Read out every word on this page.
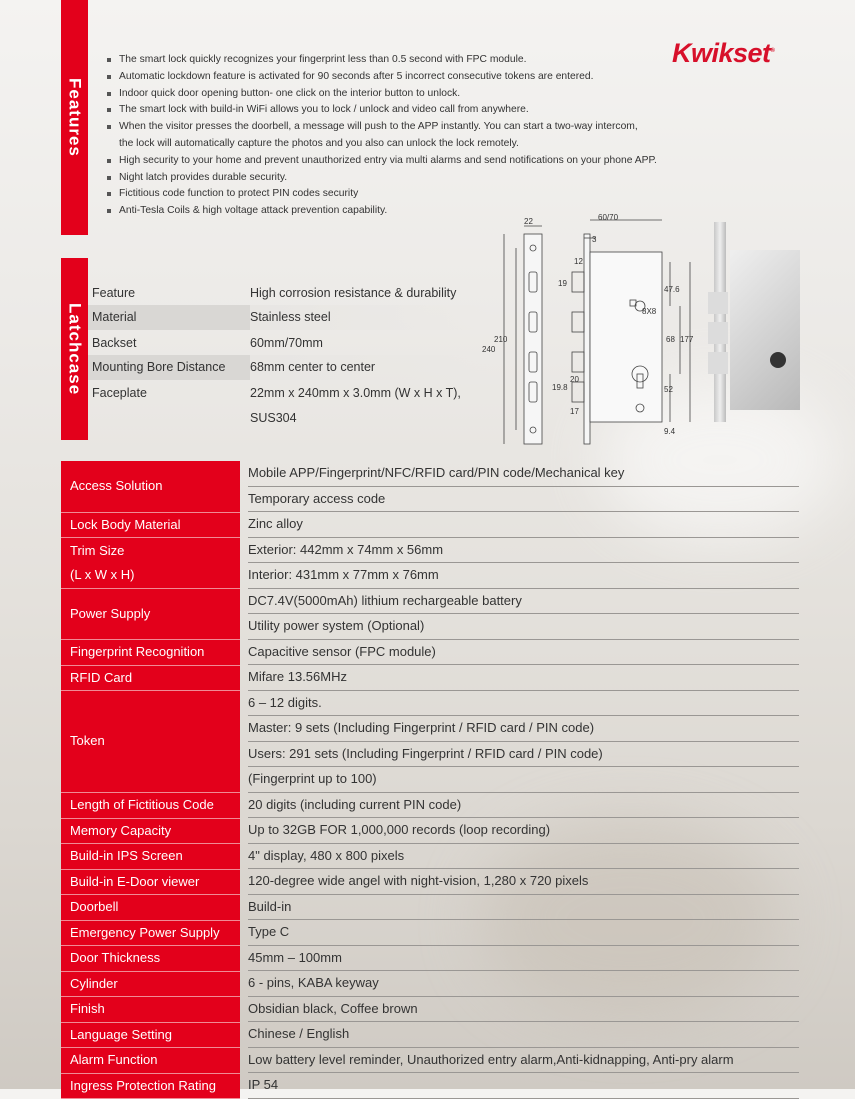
Features
Kwikset®
The smart lock quickly recognizes your fingerprint less than 0.5 second with FPC module.
Automatic lockdown feature is activated for 90 seconds after 5 incorrect consecutive tokens are entered.
Indoor quick door opening button- one click on the interior button to unlock.
The smart lock with build-in WiFi allows you to lock / unlock and video call from anywhere.
When the visitor presses the doorbell, a message will push to the APP instantly. You can start a two-way intercom,
the lock will automatically capture the photos and you also can unlock the lock remotely.
High security to your home and prevent unauthorized entry via multi alarms and send notifications on your phone APP.
Night latch provides durable security.
Fictitious code function to protect PIN codes security
Anti-Tesla Coils & high voltage attack prevention capability.
Latchcase
Feature	High corrosion resistance & durability
Material	Stainless steel
Backset	60mm/70mm
Mounting Bore Distance	68mm center to center
Faceplate	22mm x 240mm x 3.0mm (W x H x T),
SUS304
22	60/70
3
12
19
8X8
47.6
68 177
240
210
19.8
20
52
17
9.4
Access Solution	Mobile APP/Fingerprint/NFC/RFID card/PIN code/Mechanical key
Temporary access code

Lock Body Material	Zinc alloy

Trim Size
(L x W x H)	Exterior: 442mm x 74mm x 56mm
Interior: 431mm x 77mm x 76mm

Power Supply	DC7.4V(5000mAh) lithium rechargeable battery
Utility power system (Optional)

Fingerprint Recognition	Capacitive sensor (FPC module)

RFID Card	Mifare 13.56MHz

Token	6 – 12 digits.
Master: 9 sets (Including Fingerprint / RFID card / PIN code)
Users: 291 sets (Including Fingerprint / RFID card / PIN code)
(Fingerprint up to 100)

Length of Fictitious Code	20 digits (including current PIN code)

Memory Capacity	Up to 32GB FOR 1,000,000 records (loop recording)

Build-in IPS Screen	4" display, 480 x 800 pixels

Build-in E-Door viewer	120-degree wide angel with night-vision, 1,280 x 720 pixels

Doorbell	Build-in

Emergency Power Supply	Type C

Door Thickness	45mm – 100mm

Cylinder	6 - pins, KABA keyway

Finish	Obsidian black, Coffee brown

Language Setting	Chinese / English

Alarm Function	Low battery level reminder, Unauthorized entry alarm,Anti-kidnapping, Anti-pry alarm

Ingress Protection Rating	IP 54
